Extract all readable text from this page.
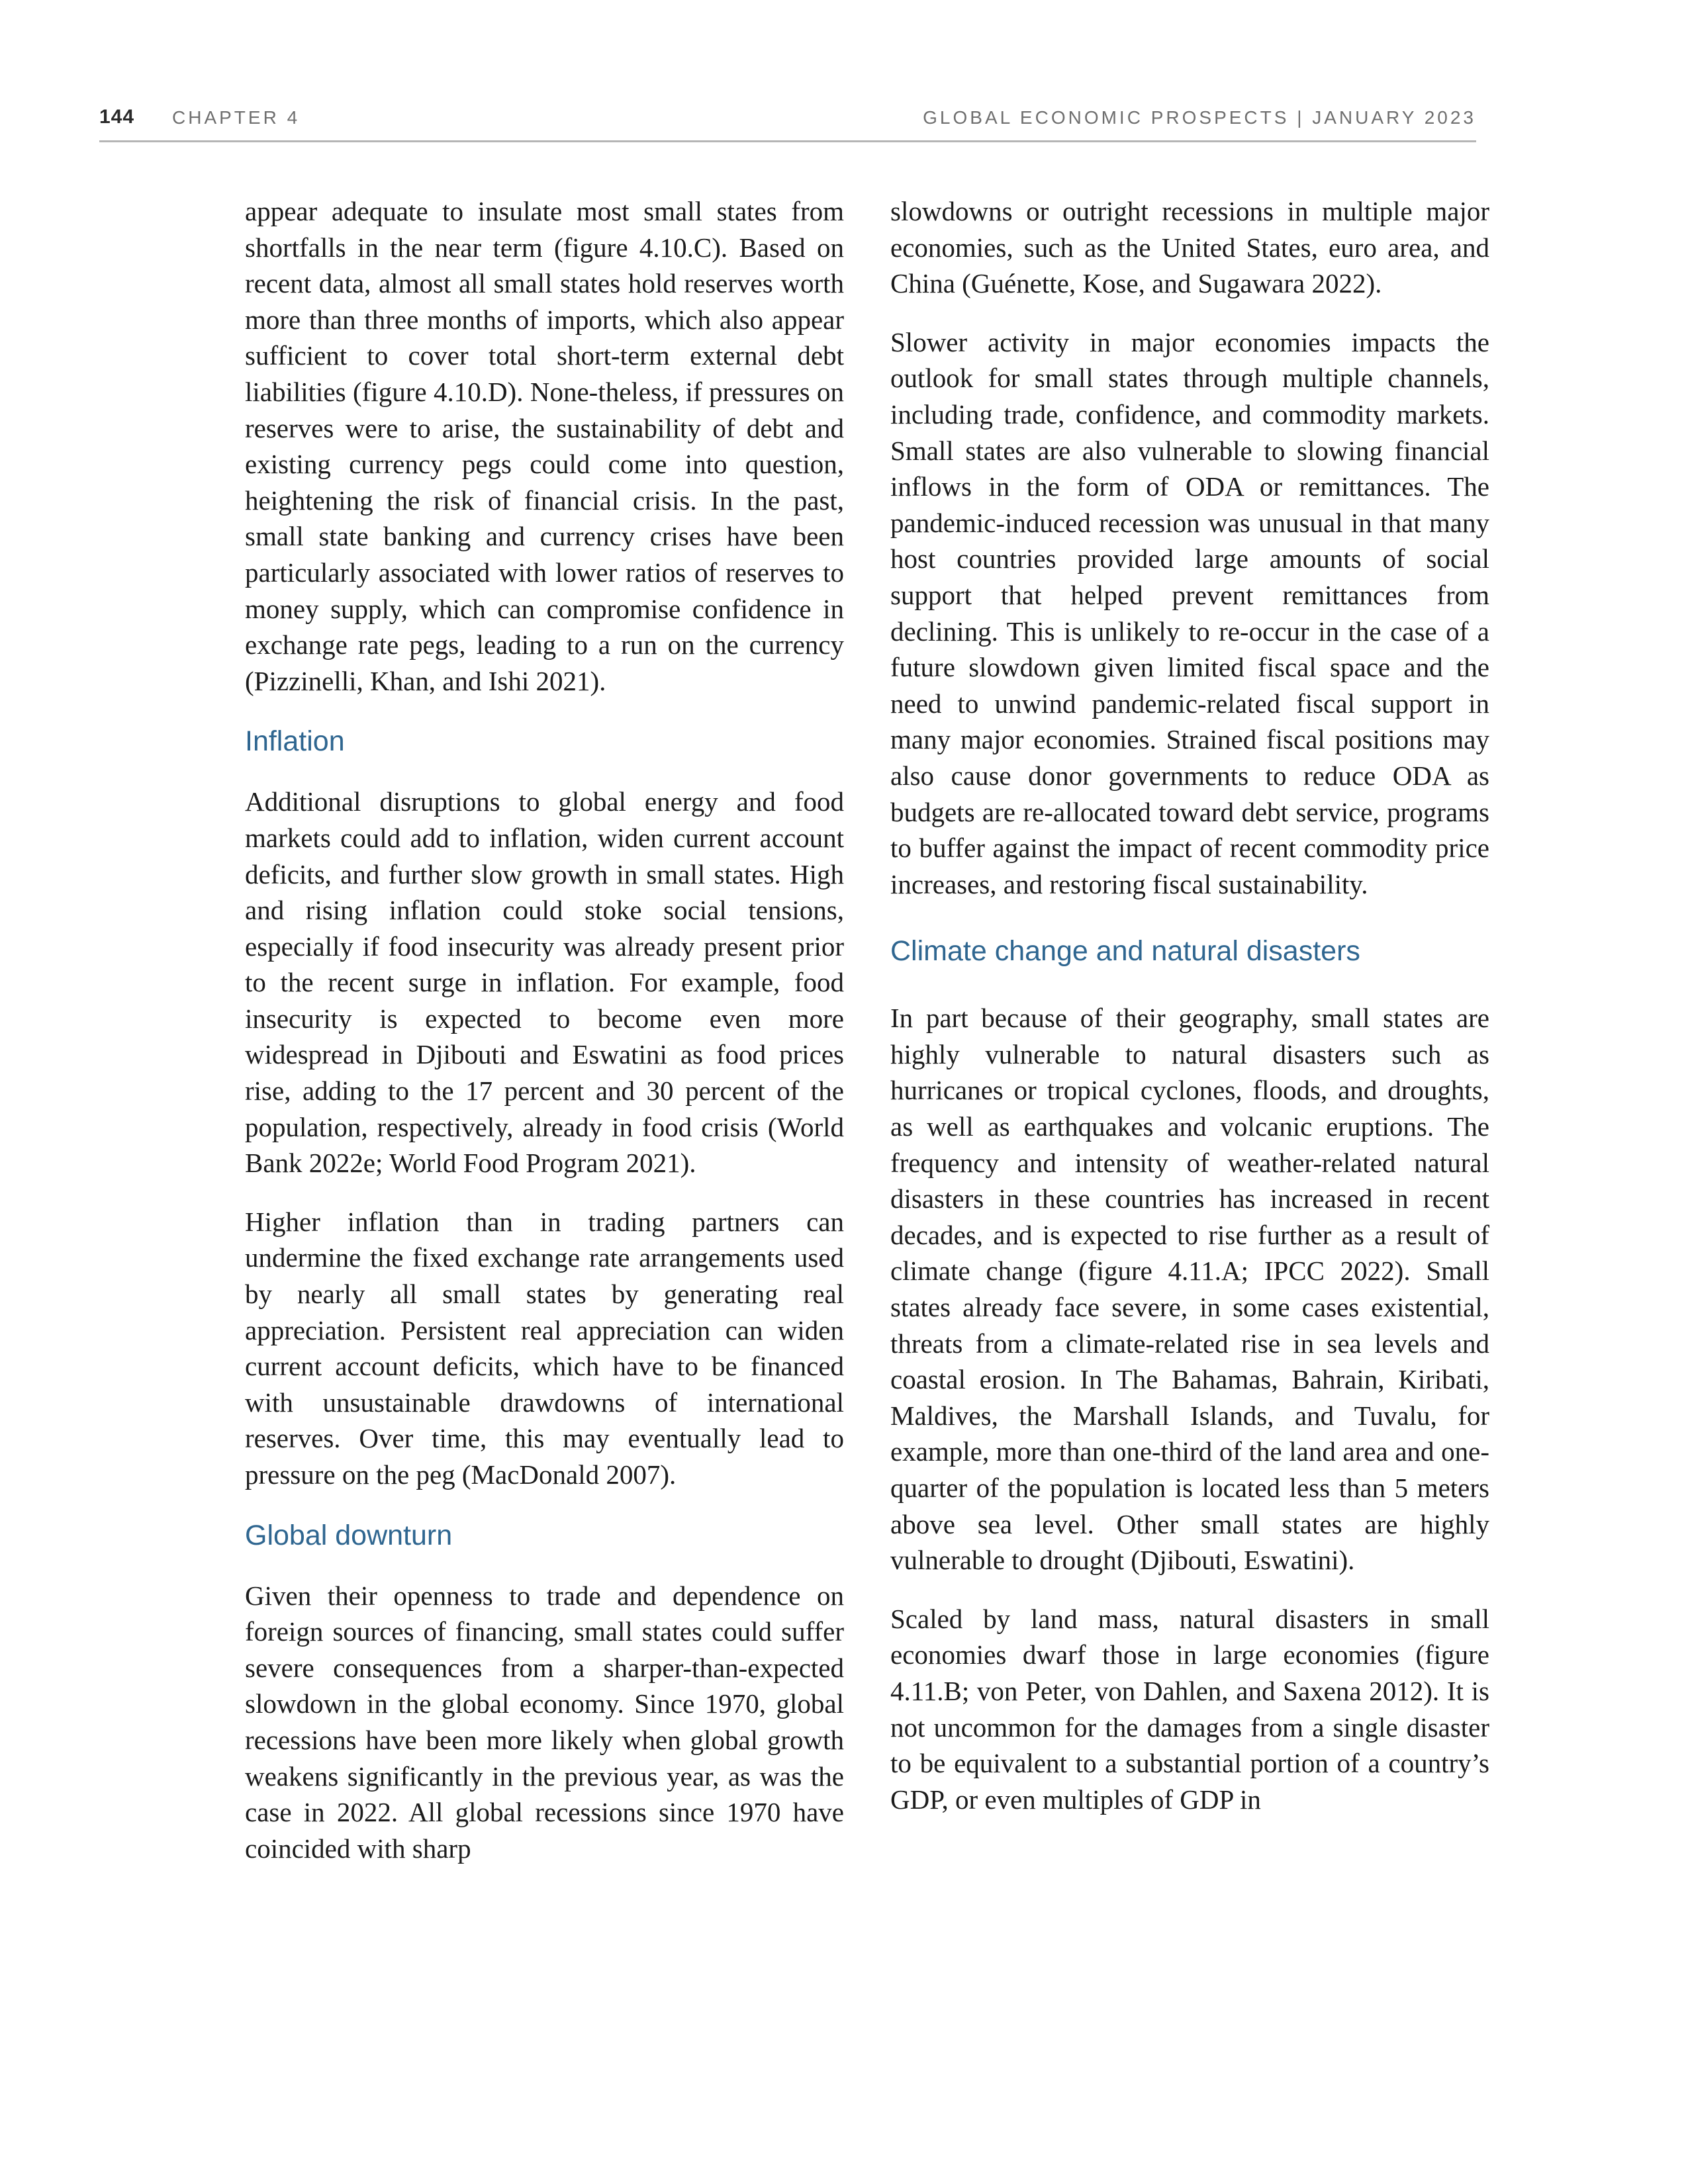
144 CHAPTER 4	GLOBAL ECONOMIC PROSPECTS | JANUARY 2023

appear adequate to insulate most small states from shortfalls in the near term (figure 4.10.C). Based on recent data, almost all small states hold reserves worth more than three months of imports, which also appear sufficient to cover total short-term external debt liabilities (figure 4.10.D). None-theless, if pressures on reserves were to arise, the sustainability of debt and existing currency pegs could come into question, heightening the risk of financial crisis. In the past, small state banking and currency crises have been particularly associated with lower ratios of reserves to money supply, which can compromise confidence in exchange rate pegs, leading to a run on the currency (Pizzinelli, Khan, and Ishi 2021).

Inflation

Additional disruptions to global energy and food markets could add to inflation, widen current account deficits, and further slow growth in small states. High and rising inflation could stoke social tensions, especially if food insecurity was already present prior to the recent surge in inflation. For example, food insecurity is expected to become even more widespread in Djibouti and Eswatini as food prices rise, adding to the 17 percent and 30 percent of the population, respectively, already in food crisis (World Bank 2022e; World Food Program 2021).

Higher inflation than in trading partners can undermine the fixed exchange rate arrangements used by nearly all small states by generating real appreciation. Persistent real appreciation can widen current account deficits, which have to be financed with unsustainable drawdowns of international reserves. Over time, this may eventually lead to pressure on the peg (MacDonald 2007).

Global downturn

Given their openness to trade and dependence on foreign sources of financing, small states could suffer severe consequences from a sharper-than-expected slowdown in the global economy. Since 1970, global recessions have been more likely when global growth weakens significantly in the previous year, as was the case in 2022. All global recessions since 1970 have coincided with sharp

slowdowns or outright recessions in multiple major economies, such as the United States, euro area, and China (Guénette, Kose, and Sugawara 2022).

Slower activity in major economies impacts the outlook for small states through multiple channels, including trade, confidence, and commodity markets. Small states are also vulnerable to slowing financial inflows in the form of ODA or remittances. The pandemic-induced recession was unusual in that many host countries provided large amounts of social support that helped prevent remittances from declining. This is unlikely to re-occur in the case of a future slowdown given limited fiscal space and the need to unwind pandemic-related fiscal support in many major economies. Strained fiscal positions may also cause donor governments to reduce ODA as budgets are re-allocated toward debt service, programs to buffer against the impact of recent commodity price increases, and restoring fiscal sustainability.

Climate change and natural disasters

In part because of their geography, small states are highly vulnerable to natural disasters such as hurricanes or tropical cyclones, floods, and droughts, as well as earthquakes and volcanic eruptions. The frequency and intensity of weather-related natural disasters in these countries has increased in recent decades, and is expected to rise further as a result of climate change (figure 4.11.A; IPCC 2022). Small states already face severe, in some cases existential, threats from a climate-related rise in sea levels and coastal erosion. In The Bahamas, Bahrain, Kiribati, Maldives, the Marshall Islands, and Tuvalu, for example, more than one-third of the land area and one-quarter of the population is located less than 5 meters above sea level. Other small states are highly vulnerable to drought (Djibouti, Eswatini).

Scaled by land mass, natural disasters in small economies dwarf those in large economies (figure 4.11.B; von Peter, von Dahlen, and Saxena 2012). It is not uncommon for the damages from a single disaster to be equivalent to a substantial portion of a country’s GDP, or even multiples of GDP in
